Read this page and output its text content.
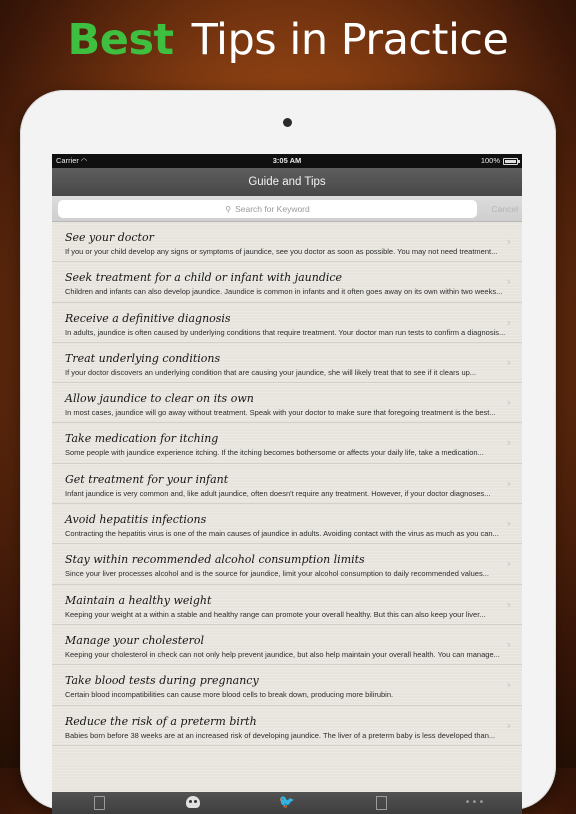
Best Tips in Practice
Carrier ◠	3:05 AM	100%
Guide and Tips
⚲ Search for Keyword	Cancel
See your doctor
If you or your child develop any signs or symptoms of jaundice, see you doctor as soon as possible. You may not need treatment...
›
Seek treatment for a child or infant with jaundice
Children and infants can also develop jaundice. Jaundice is common in infants and it often goes away on its own within two weeks...
›
Receive a definitive diagnosis
In adults, jaundice is often caused by underlying conditions that require treatment. Your doctor man run tests to confirm a diagnosis...
›
Treat underlying conditions
If your doctor discovers an underlying condition that are causing your jaundice, she will likely treat that to see if it clears up...
›
Allow jaundice to clear on its own
In most cases, jaundice will go away without treatment. Speak with your doctor to make sure that foregoing treatment is the best...
›
Take medication for itching
Some people with jaundice experience itching. If the itching becomes bothersome or affects your daily life, take a medication...
›
Get treatment for your infant
Infant jaundice is very common and, like adult jaundice, often doesn't require any treatment. However, if your doctor diagnoses...
›
Avoid hepatitis infections
Contracting the hepatitis virus is one of the main causes of jaundice in adults. Avoiding contact with the virus as much as you can...
›
Stay within recommended alcohol consumption limits
Since your liver processes alcohol and is the source for jaundice, limit your alcohol consumption to daily recommended values...
›
Maintain a healthy weight
Keeping your weight at a within a stable and healthy range can promote your overall healthy. But this can also keep your liver...
›
Manage your cholesterol
Keeping your cholesterol in check can not only help prevent jaundice, but also help maintain your overall health. You can manage...
›
Take blood tests during pregnancy
Certain blood incompatibilities can cause more blood cells to break down, producing more bilirubin.
›
Reduce the risk of a preterm birth
Babies born before 38 weeks are at an increased risk of developing jaundice. The liver of a preterm baby is less developed than...
›
🐦	•••
